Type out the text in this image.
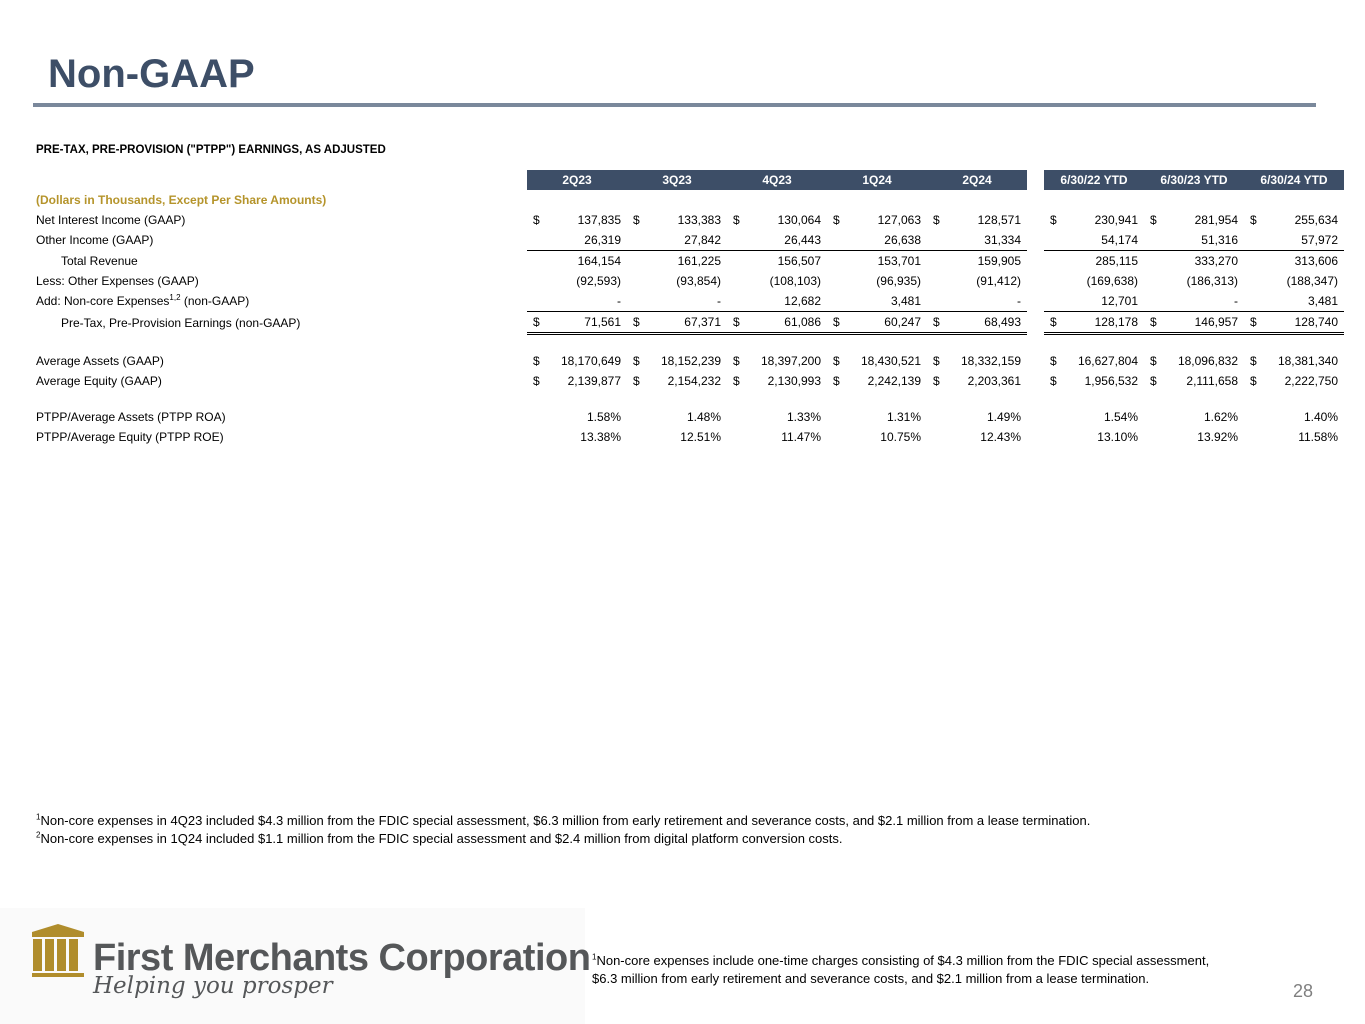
Non-GAAP
PRE-TAX, PRE-PROVISION ("PTPP") EARNINGS, AS ADJUSTED
	2Q23		3Q23		4Q23		1Q24		2Q24			6/30/22 YTD		6/30/23 YTD		6/30/24 YTD	
(Dollars in Thousands, Except Per Share Amounts)																	
Net Interest Income (GAAP)	$	137,835	$	133,383	$	130,064	$	127,063	$	128,571		$	230,941	$	281,954	$	255,634
Other Income (GAAP)		26,319		27,842		26,443		26,638		31,334			54,174		51,316		57,972
Total Revenue		164,154		161,225		156,507		153,701		159,905			285,115		333,270		313,606
Less: Other Expenses (GAAP)		(92,593)		(93,854)		(108,103)		(96,935)		(91,412)			(169,638)		(186,313)		(188,347)
Add: Non-core Expenses$^{1,2}$ (non-GAAP)		-		-		12,682		3,481		-			12,701		-		3,481
Pre-Tax, Pre-Provision Earnings (non-GAAP)	$	71,561	$	67,371	$	61,086	$	60,247	$	68,493		$	128,178	$	146,957	$	128,740

Average Assets (GAAP)	$	18,170,649	$	18,152,239	$	18,397,200	$	18,430,521	$	18,332,159		$	16,627,804	$	18,096,832	$	18,381,340
Average Equity (GAAP)	$	2,139,877	$	2,154,232	$	2,130,993	$	2,242,139	$	2,203,361		$	1,956,532	$	2,111,658	$	2,222,750

PTPP/Average Assets (PTPP ROA)		1.58%		1.48%		1.33%		1.31%		1.49%			1.54%		1.62%		1.40%
PTPP/Average Equity (PTPP ROE)		13.38%		12.51%		11.47%		10.75%		12.43%			13.10%		13.92%		11.58%
$^1$Non-core expenses in 4Q23 included $4.3 million from the FDIC special assessment, $6.3 million from early retirement and severance costs, and $2.1 million from a lease termination.
$^2$Non-core expenses in 1Q24 included $1.1 million from the FDIC special assessment and $2.4 million from digital platform conversion costs.
First Merchants Corporation
Helping you prosper
$^1$Non-core expenses include one-time charges consisting of $4.3 million from the FDIC special assessment,
$6.3 million from early retirement and severance costs, and $2.1 million from a lease termination.
28
